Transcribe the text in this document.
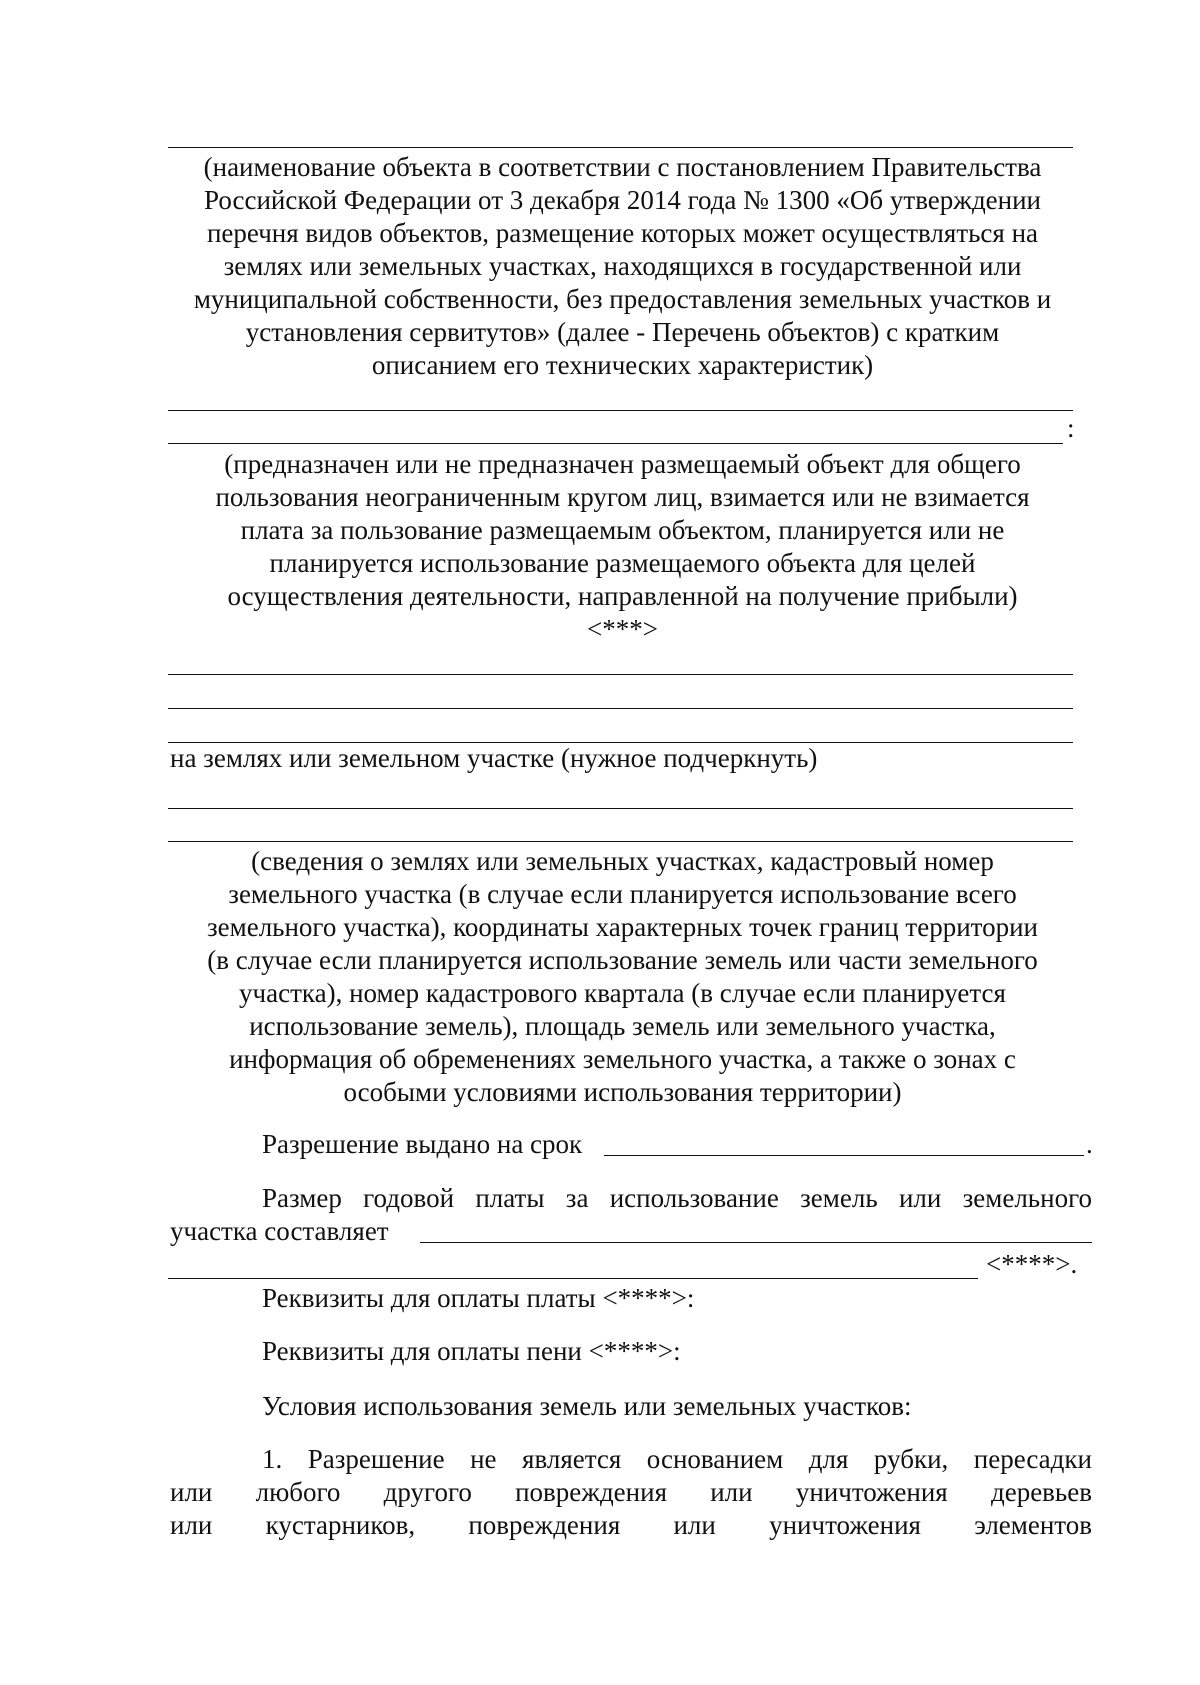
(наименование объекта в соответствии с постановлением Правительства
Российской Федерации от 3 декабря 2014 года № 1300 «Об утверждении
перечня видов объектов, размещение которых может осуществляться на
землях или земельных участках, находящихся в государственной или
муниципальной собственности, без предоставления земельных участков и
установления сервитутов» (далее - Перечень объектов) с кратким
описанием его технических характеристик)
:
(предназначен или не предназначен размещаемый объект для общего
пользования неограниченным кругом лиц, взимается или не взимается
плата за пользование размещаемым объектом, планируется или не
планируется использование размещаемого объекта для целей
осуществления деятельности, направленной на получение прибыли)
<***>
на землях или земельном участке (нужное подчеркнуть)
(сведения о землях или земельных участках, кадастровый номер
земельного участка (в случае если планируется использование всего
земельного участка), координаты характерных точек границ территории
(в случае если планируется использование земель или части земельного
участка), номер кадастрового квартала (в случае если планируется
использование земель), площадь земель или земельного участка,
информация об обременениях земельного участка, а также о зонах с
особыми условиями использования территории)
Разрешение выдано на срок	.
Размер годовой платы за использование земель или земельного
участка составляет
<****>.
Реквизиты для оплаты платы <****>:
Реквизиты для оплаты пени <****>:
Условия использования земель или земельных участков:
1. Разрешение не является основанием для рубки, пересадки
или любого другого повреждения или уничтожения деревьев
или кустарников, повреждения или уничтожения элементов
